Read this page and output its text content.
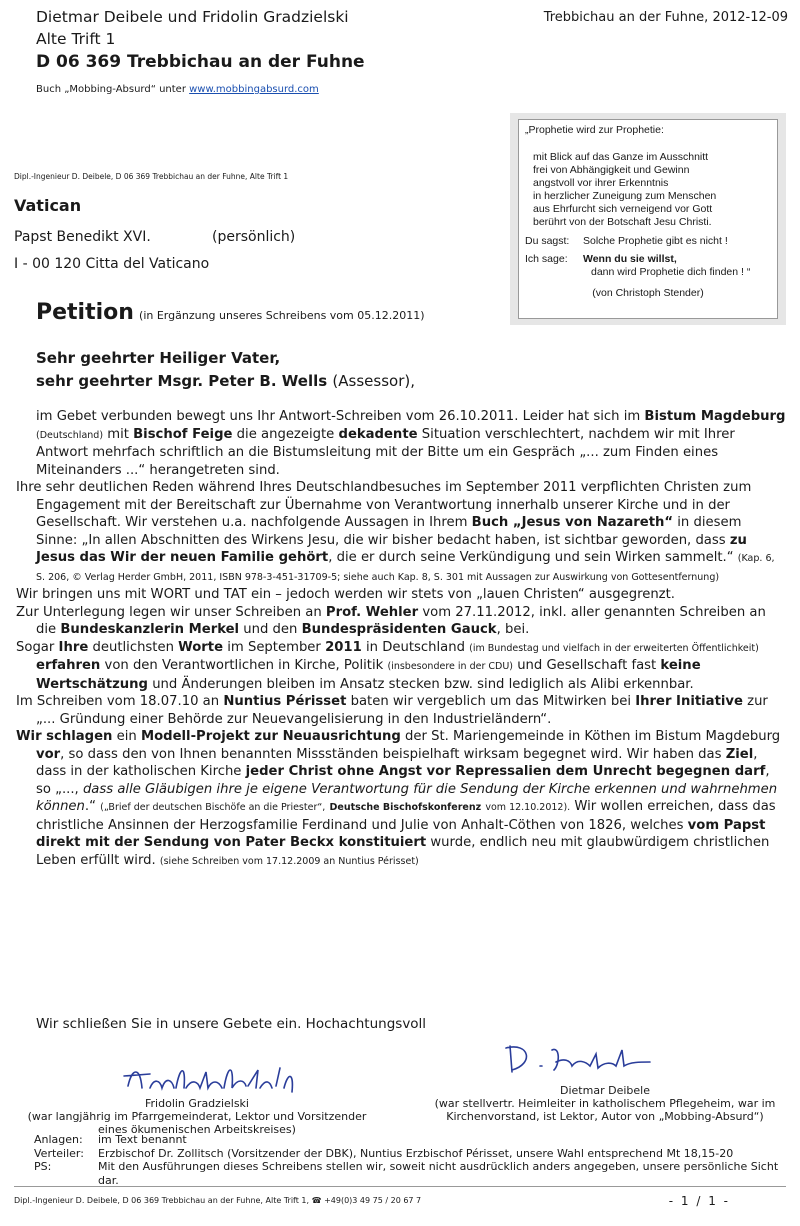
Dietmar Deibele und Fridolin Gradzielski
Alte Trift 1
D 06 369 Trebbichau an der Fuhne
Buch „Mobbing-Absurd“ unter www.mobbingabsurd.com
Trebbichau an der Fuhne, 2012-12-09
„Prophetie wird zur Prophetie:
mit Blick auf das Ganze im Ausschnitt
frei von Abhängigkeit und Gewinn
angstvoll vor ihrer Erkenntnis
in herzlicher Zuneigung zum Menschen
aus Ehrfurcht sich verneigend vor Gott
berührt von der Botschaft Jesu Christi.
Du sagst:	Solche Prophetie gibt es nicht !
Ich sage:	Wenn du sie willst,
dann wird Prophetie dich finden ! “
(von Christoph Stender)
Dipl.-Ingenieur D. Deibele, D 06 369 Trebbichau an der Fuhne, Alte Trift 1
Vatican
Papst Benedikt XVI.	(persönlich)
I - 00 120 Citta del Vaticano
Petition (in Ergänzung unseres Schreibens vom 05.12.2011)
Sehr geehrter Heiliger Vater,
sehr geehrter Msgr. Peter B. Wells (Assessor),

im Gebet verbunden bewegt uns Ihr Antwort-Schreiben vom 26.10.2011. Leider hat sich im Bistum Magdeburg (Deutschland) mit Bischof Feige die angezeigte dekadente Situation verschlechtert, nachdem wir mit Ihrer Antwort mehrfach schriftlich an die Bistumsleitung mit der Bitte um ein Gespräch „... zum Finden eines Miteinanders ...“ herangetreten sind.

Ihre sehr deutlichen Reden während Ihres Deutschlandbesuches im September 2011 verpflichten Christen zum Engagement mit der Bereitschaft zur Übernahme von Verantwortung innerhalb unserer Kirche und in der Gesellschaft. Wir verstehen u.a. nachfolgende Aussagen in Ihrem Buch „Jesus von Nazareth“ in diesem Sinne: „In allen Abschnitten des Wirkens Jesu, die wir bisher bedacht haben, ist sichtbar geworden, dass zu Jesus das Wir der neuen Familie gehört, die er durch seine Verkündigung und sein Wirken sammelt.“ (Kap. 6, S. 206, © Verlag Herder GmbH, 2011, ISBN 978-3-451-31709-5; siehe auch Kap. 8, S. 301 mit Aussagen zur Auswirkung von Gottesentfernung)

Wir bringen uns mit WORT und TAT ein – jedoch werden wir stets von „lauen Christen“ ausgegrenzt.

Zur Unterlegung legen wir unser Schreiben an Prof. Wehler vom 27.11.2012, inkl. aller genannten Schreiben an die Bundeskanzlerin Merkel und den Bundespräsidenten Gauck, bei.

Sogar Ihre deutlichsten Worte im September 2011 in Deutschland (im Bundestag und vielfach in der erweiterten Öffentlichkeit) erfahren von den Verantwortlichen in Kirche, Politik (insbesondere in der CDU) und Gesellschaft fast keine Wertschätzung und Änderungen bleiben im Ansatz stecken bzw. sind lediglich als Alibi erkennbar.

Im Schreiben vom 18.07.10 an Nuntius Périsset baten wir vergeblich um das Mitwirken bei Ihrer Initiative zur „... Gründung einer Behörde zur Neuevangelisierung in den Industrieländern“.

Wir schlagen ein Modell-Projekt zur Neuausrichtung der St. Mariengemeinde in Köthen im Bistum Magdeburg vor, so dass den von Ihnen benannten Missständen beispielhaft wirksam begegnet wird. Wir haben das Ziel, dass in der katholischen Kirche jeder Christ ohne Angst vor Repressalien dem Unrecht begegnen darf, so „..., dass alle Gläubigen ihre je eigene Verantwortung für die Sendung der Kirche erkennen und wahrnehmen können.“ („Brief der deutschen Bischöfe an die Priester“, Deutsche Bischofskonferenz vom 12.10.2012). Wir wollen erreichen, dass das christliche Ansinnen der Herzogsfamilie Ferdinand und Julie von Anhalt-Cöthen von 1826, welches vom Papst direkt mit der Sendung von Pater Beckx konstituiert wurde, endlich neu mit glaubwürdigem christlichen Leben erfüllt wird. (siehe Schreiben vom 17.12.2009 an Nuntius Périsset)

Wir schließen Sie in unsere Gebete ein. Hochachtungsvoll
Fridolin Gradzielski
(war langjährig im Pfarrgemeinderat, Lektor und Vorsitzender eines ökumenischen Arbeitskreises)
Dietmar Deibele
(war stellvertr. Heimleiter in katholischem Pflegeheim, war im Kirchenvorstand, ist Lektor, Autor von „Mobbing-Absurd“)
Anlagen:	im Text benannt
Verteiler:	Erzbischof Dr. Zollitsch (Vorsitzender der DBK), Nuntius Erzbischof Périsset, unsere Wahl entsprechend Mt 18,15-20
PS:	Mit den Ausführungen dieses Schreibens stellen wir, soweit nicht ausdrücklich anders angegeben, unsere persönliche Sicht dar.
Dipl.-Ingenieur D. Deibele, D 06 369 Trebbichau an der Fuhne, Alte Trift 1, ☎ +49(0)3 49 75 / 20 67 7	- 1 / 1 -
